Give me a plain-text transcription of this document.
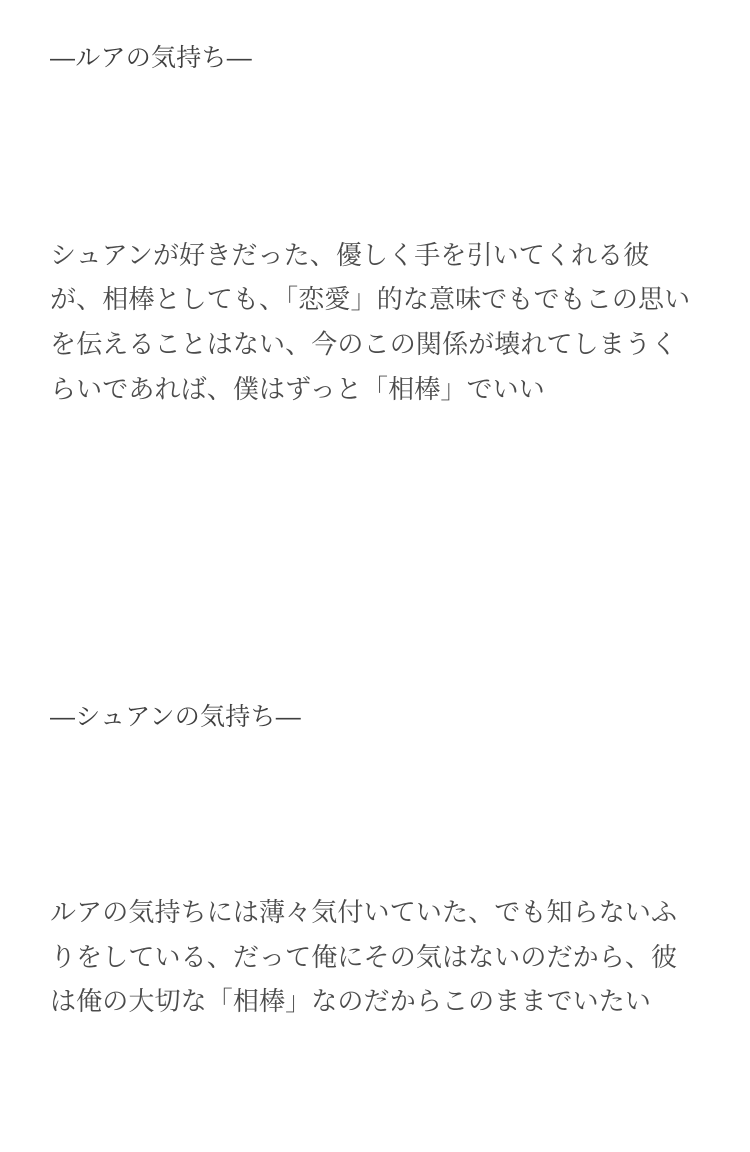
―ルアの気持ち―

シュアンが好きだった、優しく手を引いてくれる彼が、相棒としても、「恋愛」的な意味でもでもこの思いを伝えることはない、今のこの関係が壊れてしまうくらいであれば、僕はずっと「相棒」でいい

―シュアンの気持ち―

ルアの気持ちには薄々気付いていた、でも知らないふりをしている、だって俺にその気はないのだから、彼は俺の大切な「相棒」なのだからこのままでいたい
